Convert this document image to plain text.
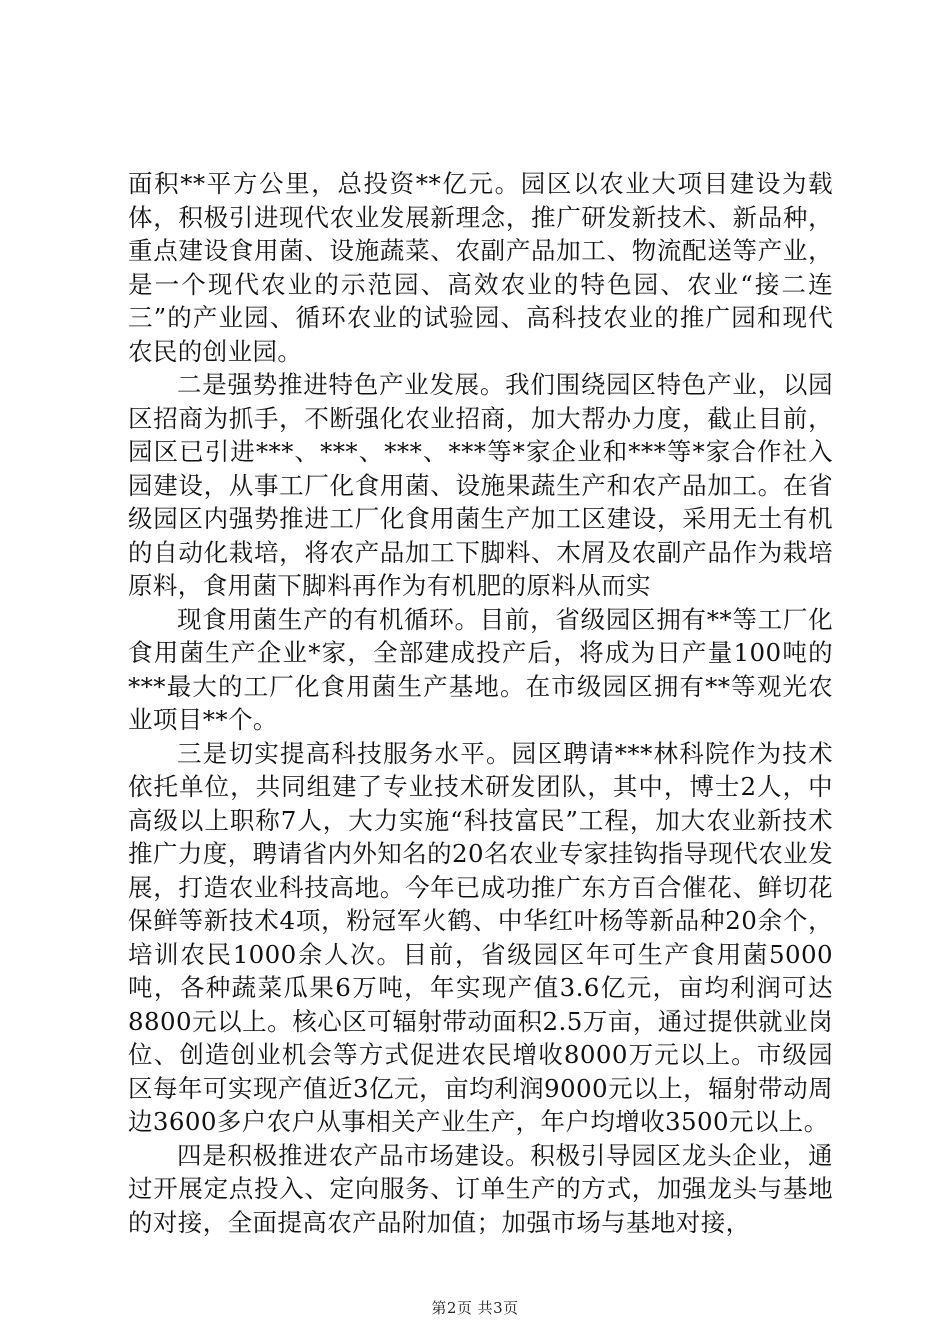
面积**平方公里，总投资**亿元。园区以农业大项目建设为载体，积极引进现代农业发展新理念，推广研发新技术、新品种，重点建设食用菌、设施蔬菜、农副产品加工、物流配送等产业，是一个现代农业的示范园、高效农业的特色园、农业“接二连三”的产业园、循环农业的试验园、高科技农业的推广园和现代农民的创业园。

二是强势推进特色产业发展。我们围绕园区特色产业，以园区招商为抓手，不断强化农业招商，加大帮办力度，截止目前，园区已引进***、***、***、***等*家企业和***等*家合作社入园建设，从事工厂化食用菌、设施果蔬生产和农产品加工。在省级园区内强势推进工厂化食用菌生产加工区建设，采用无土有机的自动化栽培，将农产品加工下脚料、木屑及农副产品作为栽培原料，食用菌下脚料再作为有机肥的原料从而实

现食用菌生产的有机循环。目前，省级园区拥有**等工厂化食用菌生产企业*家，全部建成投产后，将成为日产量100吨的***最大的工厂化食用菌生产基地。在市级园区拥有**等观光农业项目**个。

三是切实提高科技服务水平。园区聘请***林科院作为技术依托单位，共同组建了专业技术研发团队，其中，博士2人，中高级以上职称7人，大力实施“科技富民”工程，加大农业新技术推广力度，聘请省内外知名的20名农业专家挂钩指导现代农业发展，打造农业科技高地。今年已成功推广东方百合催花、鲜切花保鲜等新技术4项，粉冠军火鹤、中华红叶杨等新品种20余个，培训农民1000余人次。目前，省级园区年可生产食用菌5000吨，各种蔬菜瓜果6万吨，年实现产值3.6亿元，亩均利润可达8800元以上。核心区可辐射带动面积2.5万亩，通过提供就业岗位、创造创业机会等方式促进农民增收8000万元以上。市级园区每年可实现产值近3亿元，亩均利润9000元以上，辐射带动周边3600多户农户从事相关产业生产，年户均增收3500元以上。

四是积极推进农产品市场建设。积极引导园区龙头企业，通过开展定点投入、定向服务、订单生产的方式，加强龙头与基地的对接，全面提高农产品附加值；加强市场与基地对接，

第2页 共3页
